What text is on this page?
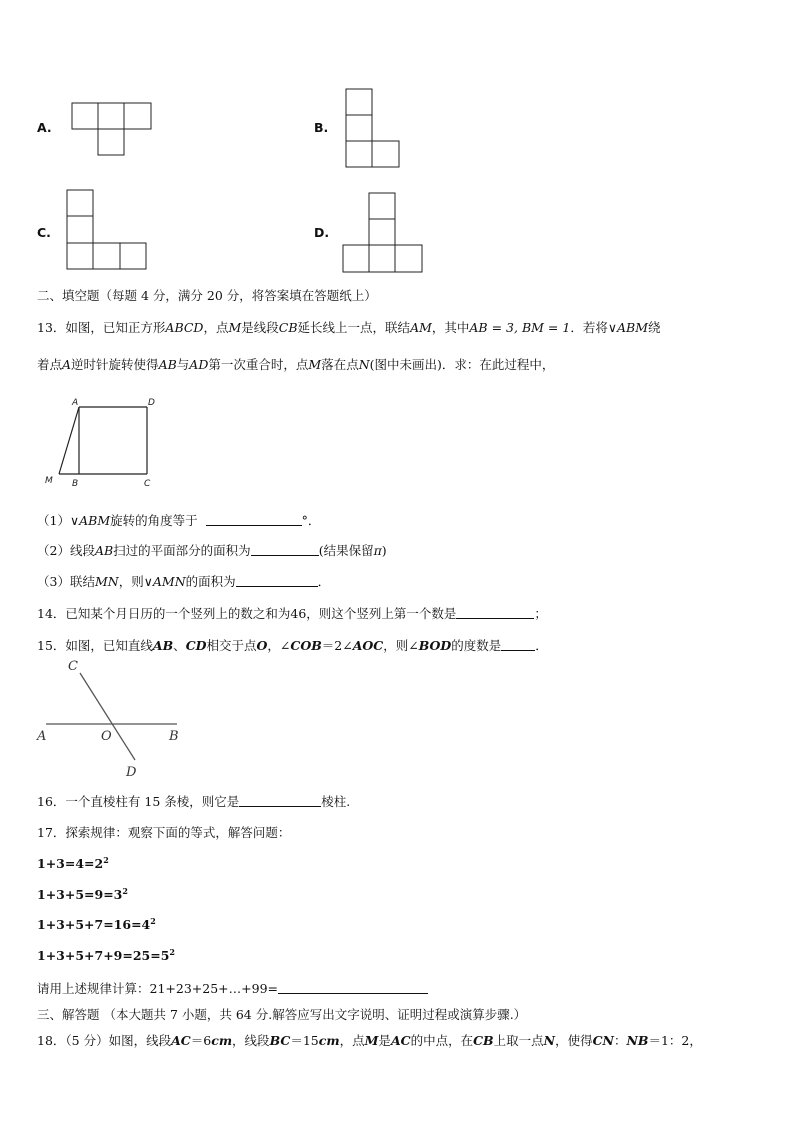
A.	B.
C.	D.
二、填空题（每题 4 分，满分 20 分，将答案填在答题纸上）
13．如图，已知正方形ABCD，点M是线段CB延长线上一点，联结AM，其中AB = 3, BM = 1．若将∨ABM绕
着点A逆时针旋转使得AB与AD第一次重合时，点M落在点N(图中未画出)．求：在此过程中，
A	D
M B	C
（1）∨ABM旋转的角度等于	°．
（2）线段AB扫过的平面部分的面积为	(结果保留π)
（3）联结MN，则∨AMN的面积为	．
14．已知某个月日历的一个竖列上的数之和为46，则这个竖列上第一个数是	；
15．如图，已知直线AB、CD相交于点O，∠COB＝2∠AOC，则∠BOD的度数是	．
C
A	O	B
D
16．一个直棱柱有 15 条棱，则它是	棱柱.
17．探索规律：观察下面的等式，解答问题：
$1+3=4=2^2$
$1+3+5=9=3^2$
$1+3+5+7=16=4^2$
$1+3+5+7+9=25=5^2$
请用上述规律计算：21+23+25+…+99=
三、解答题 （本大题共 7 小题，共 64 分.解答应写出文字说明、证明过程或演算步骤.）
18．（5 分）如图，线段AC＝6cm，线段BC＝15cm，点M是AC的中点，在CB上取一点N，使得CN：NB＝1：2，
